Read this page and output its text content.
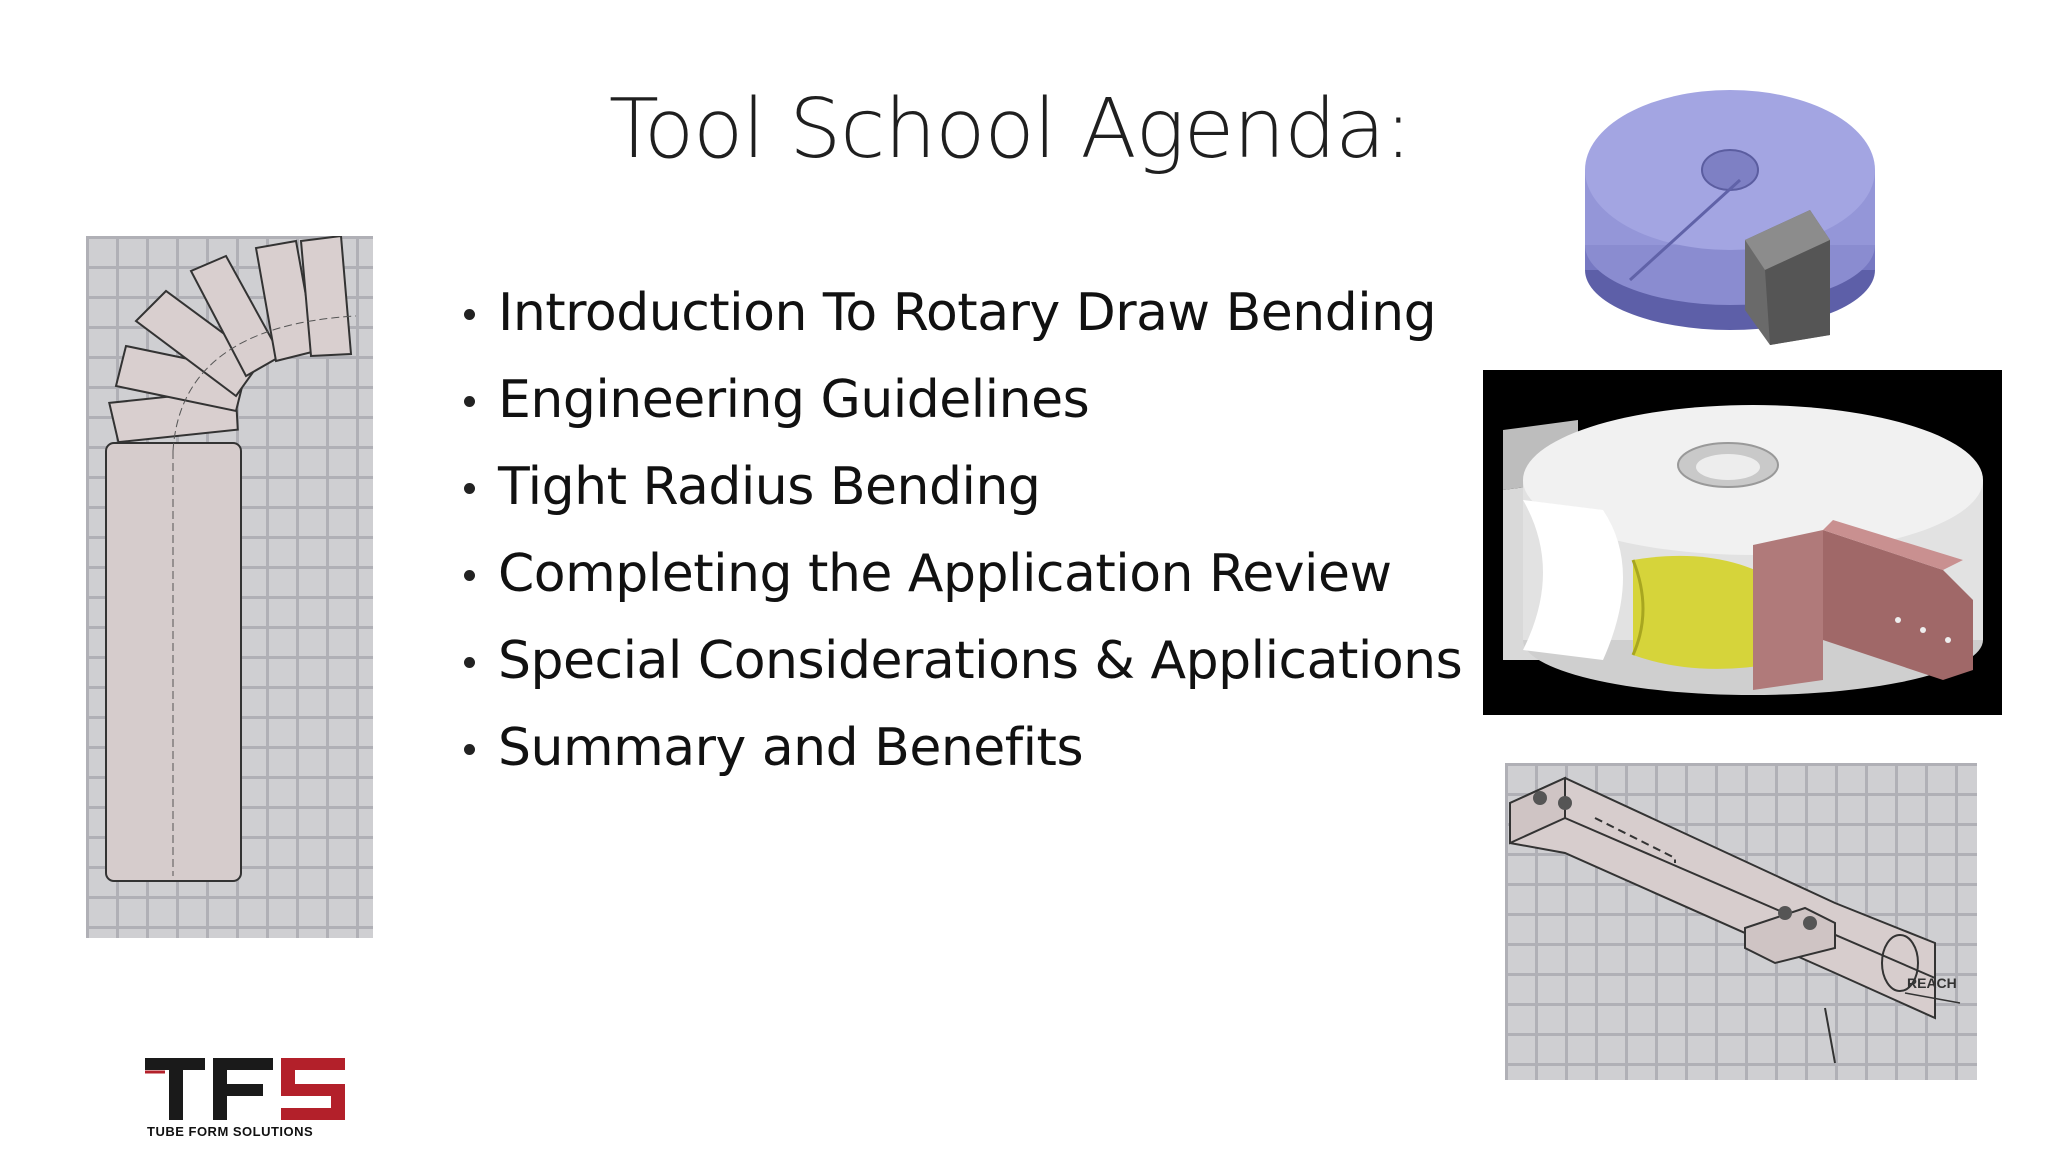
Tool School Agenda:
Introduction To Rotary Draw Bending
Engineering Guidelines
Tight Radius Bending
Completing the Application Review
Special Considerations & Applications
Summary and Benefits
REACH
TUBE FORM SOLUTIONS
